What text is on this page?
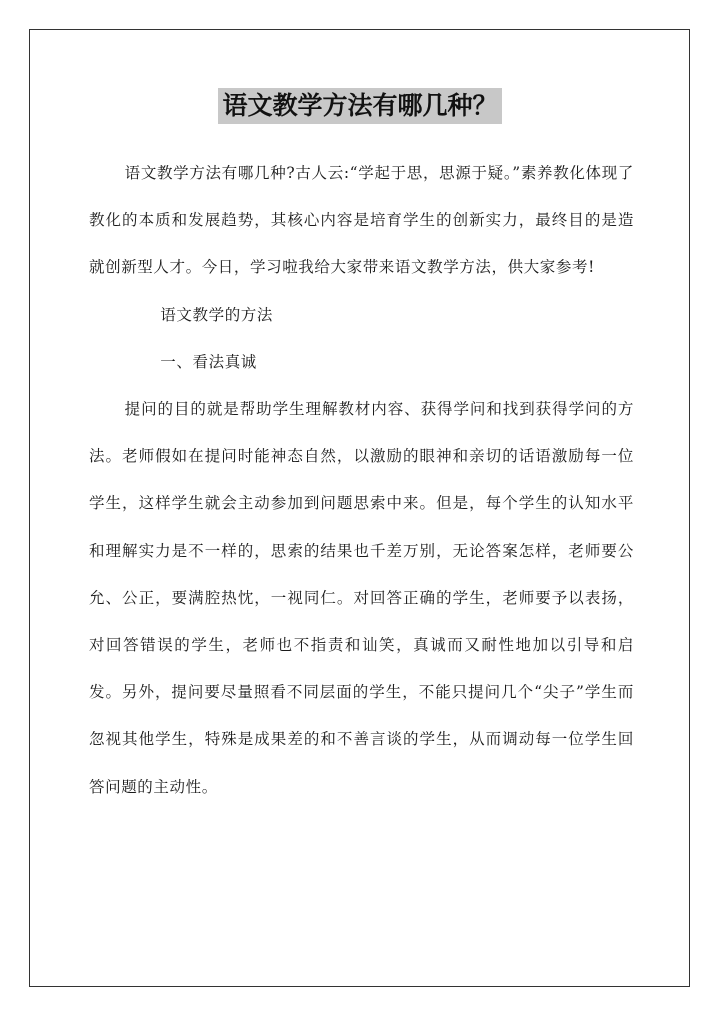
语文教学方法有哪几种？

语文教学方法有哪几种?古人云:“学起于思，思源于疑。”素养教化体现了教化的本质和发展趋势，其核心内容是培育学生的创新实力，最终目的是造就创新型人才。今日，学习啦我给大家带来语文教学方法，供大家参考!

语文教学的方法

一、看法真诚

提问的目的就是帮助学生理解教材内容、获得学问和找到获得学问的方法。老师假如在提问时能神态自然，以激励的眼神和亲切的话语激励每一位学生，这样学生就会主动参加到问题思索中来。但是，每个学生的认知水平和理解实力是不一样的，思索的结果也千差万别，无论答案怎样，老师要公允、公正，要满腔热忱，一视同仁。对回答正确的学生，老师要予以表扬，对回答错误的学生，老师也不指责和讪笑，真诚而又耐性地加以引导和启发。另外，提问要尽量照看不同层面的学生，不能只提问几个“尖子”学生而忽视其他学生，特殊是成果差的和不善言谈的学生，从而调动每一位学生回答问题的主动性。
